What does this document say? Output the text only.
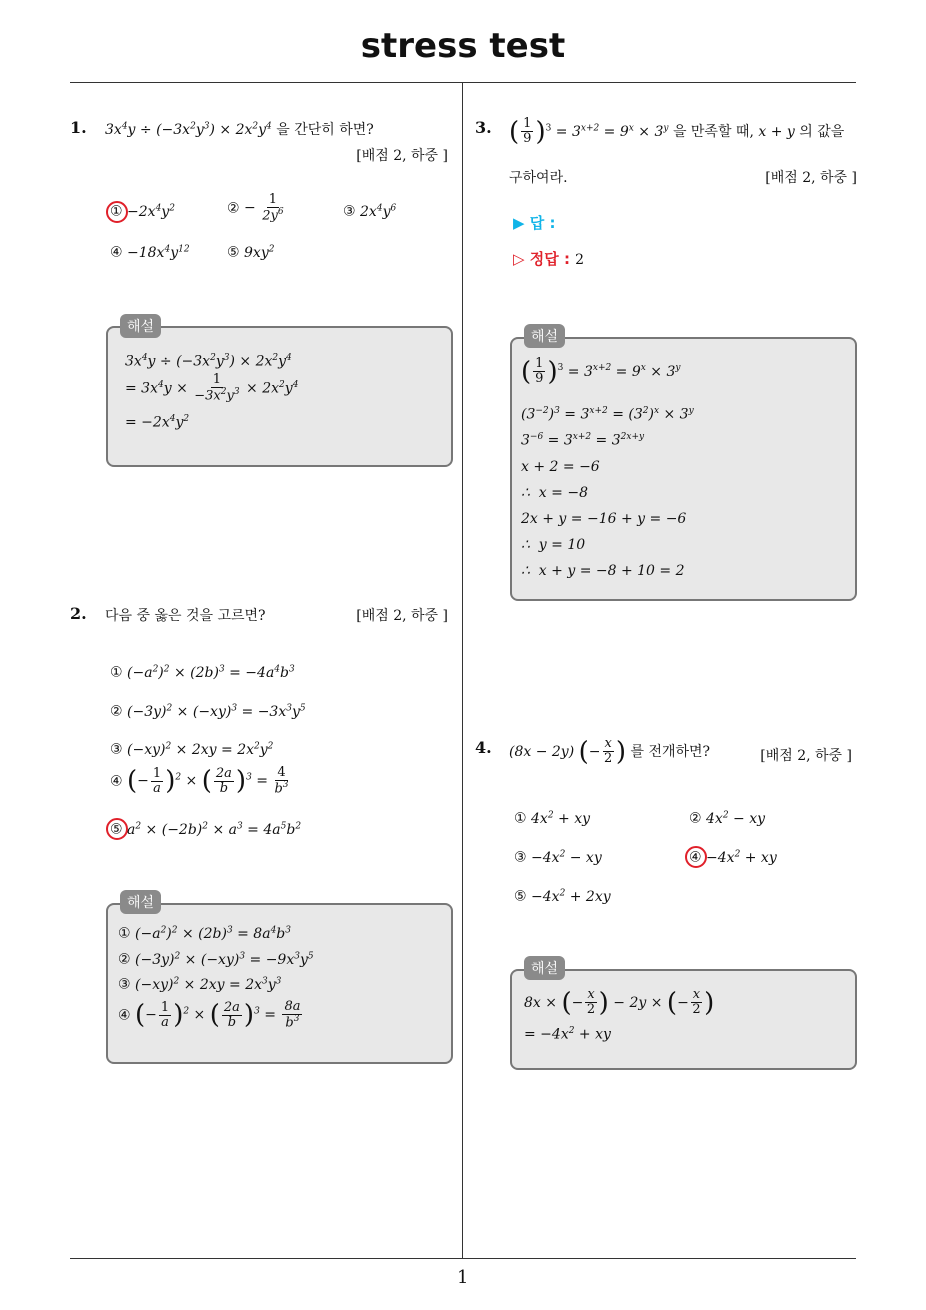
stress test
1. $3x^4y \div (-3x^2y^3) \times 2x^2y^4$ 을 간단히 하면?
[배점 2, 하중 ]
① $-2x^4y^2$	② − $\frac{1}{2y^6}$	③ $2x^4y^6$
④ $-18x^4y^{12}$	⑤ $9xy^2$
해설
$3x^4y \div (-3x^2y^3) \times 2x^2y^4$
= $3x^4y \times \frac{1}{-3x^2y^3} \times 2x^2y^4$
= $-2x^4y^2$
2. 다음 중 옳은 것을 고르면?	[배점 2, 하중 ]
① $(-a^2)^2 \times (2b)^3 = -4a^4b^3$
② $(-3y)^2 \times (-xy)^3 = -3x^3y^5$
③ $(-xy)^2 \times 2xy = 2x^2y^2$
④ (− $\frac{1}{a} )^2$ × ( $\frac{2a}{b} )^3 = \frac{4}{b^3}$
⑤ $a^2 \times (-2b)^2 \times a^3 = 4a^5b^2$
해설
① $(-a^2)^2 \times (2b)^3 = 8a^4b^3$
② $(-3y)^2 \times (-xy)^3 = -9x^3y^5$
③ $(-xy)^2 \times 2xy = 2x^3y^3$
④ (− $\frac{1}{a} )^2$ × ( $\frac{2a}{b} )^3 = \frac{8a}{b^3}$
3. ( $\frac{1}{9} )^3 = 3^{x+2} = 9^x \times 3^y$ 을 만족할 때, x + y 의 값을
구하여라.	[배점 2, 하중 ]
▶ 답 :
▷ 정답 : 2
해설
( $\frac{1}{9} )^3 = 3^{x+2} = 9^x \times 3^y$
$(3^{-2})^3 = 3^{x+2} = (3^2)^x \times 3^y$
$3^{-6} = 3^{x+2} = 3^{2x+y}$
x + 2 = −6
∴  x = −8
2x + y = −16 + y = −6
∴  y = 10
∴  x + y = −8 + 10 = 2
4. (8x − 2y) (− $\frac{x}{2}$ ) 를 전개하면?	[배점 2, 하중 ]
① $4x^2$ + xy	② $4x^2$ − xy
③ $-4x^2$ − xy	④ $-4x^2$ + xy
⑤ $-4x^2 + 2xy$
해설
8x × (− $\frac{x}{2}$ ) − 2y × (− $\frac{x}{2}$ )
= $-4x^2$ + xy
1
